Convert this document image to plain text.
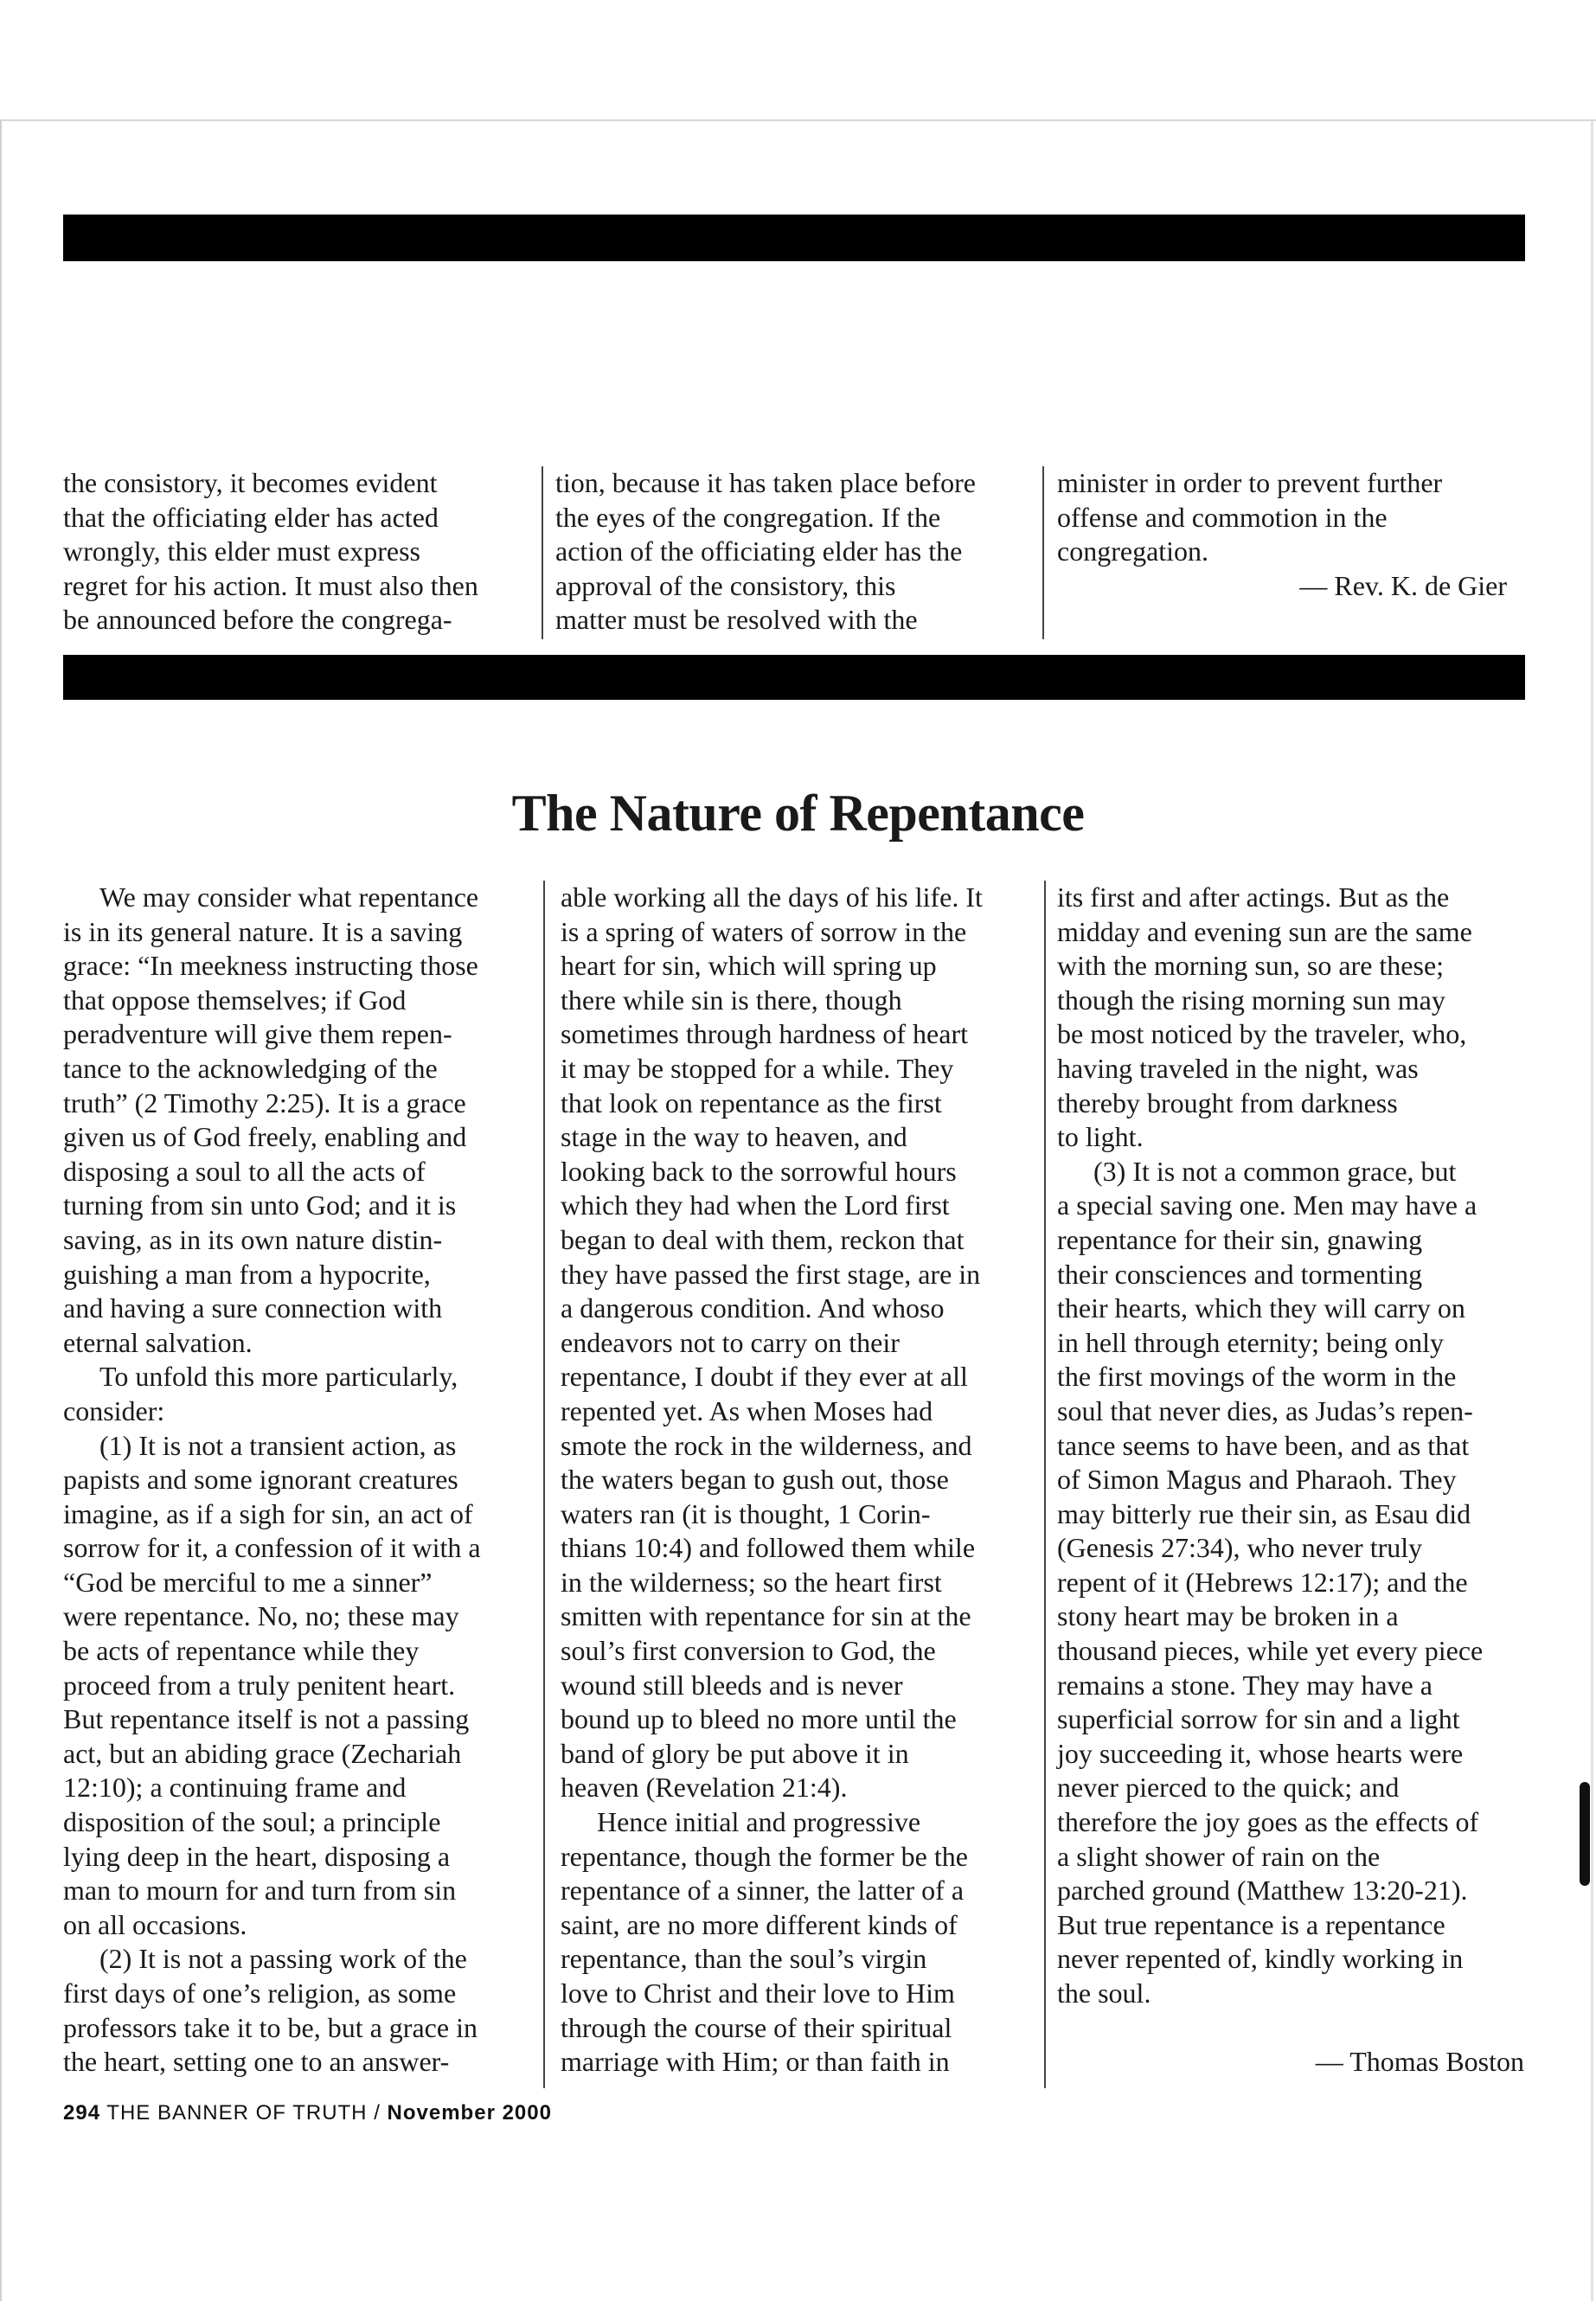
the consistory, it becomes evident

that the officiating elder has acted

wrongly, this elder must express

regret for his action. It must also then

be announced before the congrega-

tion, because it has taken place before

the eyes of the congregation. If the

action of the officiating elder has the

approval of the consistory, this

matter must be resolved with the

minister in order to prevent further

offense and commotion in the

congregation.

— Rev. K. de Gier

The Nature of Repentance

We may consider what repentance

is in its general nature. It is a saving

grace: “In meekness instructing those

that oppose themselves; if God

peradventure will give them repen-

tance to the acknowledging of the

truth” (2 Timothy 2:25). It is a grace

given us of God freely, enabling and

disposing a soul to all the acts of

turning from sin unto God; and it is

saving, as in its own nature distin-

guishing a man from a hypocrite,

and having a sure connection with

eternal salvation.

To unfold this more particularly,

consider:

(1) It is not a transient action, as

papists and some ignorant creatures

imagine, as if a sigh for sin, an act of

sorrow for it, a confession of it with a

“God be merciful to me a sinner”

were repentance. No, no; these may

be acts of repentance while they

proceed from a truly penitent heart.

But repentance itself is not a passing

act, but an abiding grace (Zechariah

12:10); a continuing frame and

disposition of the soul; a principle

lying deep in the heart, disposing a

man to mourn for and turn from sin

on all occasions.

(2) It is not a passing work of the

first days of one’s religion, as some

professors take it to be, but a grace in

the heart, setting one to an answer-

able working all the days of his life. It

is a spring of waters of sorrow in the

heart for sin, which will spring up

there while sin is there, though

sometimes through hardness of heart

it may be stopped for a while. They

that look on repentance as the first

stage in the way to heaven, and

looking back to the sorrowful hours

which they had when the Lord first

began to deal with them, reckon that

they have passed the first stage, are in

a dangerous condition. And whoso

endeavors not to carry on their

repentance, I doubt if they ever at all

repented yet. As when Moses had

smote the rock in the wilderness, and

the waters began to gush out, those

waters ran (it is thought, 1 Corin-

thians 10:4) and followed them while

in the wilderness; so the heart first

smitten with repentance for sin at the

soul’s first conversion to God, the

wound still bleeds and is never

bound up to bleed no more until the

band of glory be put above it in

heaven (Revelation 21:4).

Hence initial and progressive

repentance, though the former be the

repentance of a sinner, the latter of a

saint, are no more different kinds of

repentance, than the soul’s virgin

love to Christ and their love to Him

through the course of their spiritual

marriage with Him; or than faith in

its first and after actings. But as the

midday and evening sun are the same

with the morning sun, so are these;

though the rising morning sun may

be most noticed by the traveler, who,

having traveled in the night, was

thereby brought from darkness

to light.

(3) It is not a common grace, but

a special saving one. Men may have a

repentance for their sin, gnawing

their consciences and tormenting

their hearts, which they will carry on

in hell through eternity; being only

the first movings of the worm in the

soul that never dies, as Judas’s repen-

tance seems to have been, and as that

of Simon Magus and Pharaoh. They

may bitterly rue their sin, as Esau did

(Genesis 27:34), who never truly

repent of it (Hebrews 12:17); and the

stony heart may be broken in a

thousand pieces, while yet every piece

remains a stone. They may have a

superficial sorrow for sin and a light

joy succeeding it, whose hearts were

never pierced to the quick; and

therefore the joy goes as the effects of

a slight shower of rain on the

parched ground (Matthew 13:20-21).

But true repentance is a repentance

never repented of, kindly working in

the soul.

— Thomas Boston

294 THE BANNER OF TRUTH / November 2000
